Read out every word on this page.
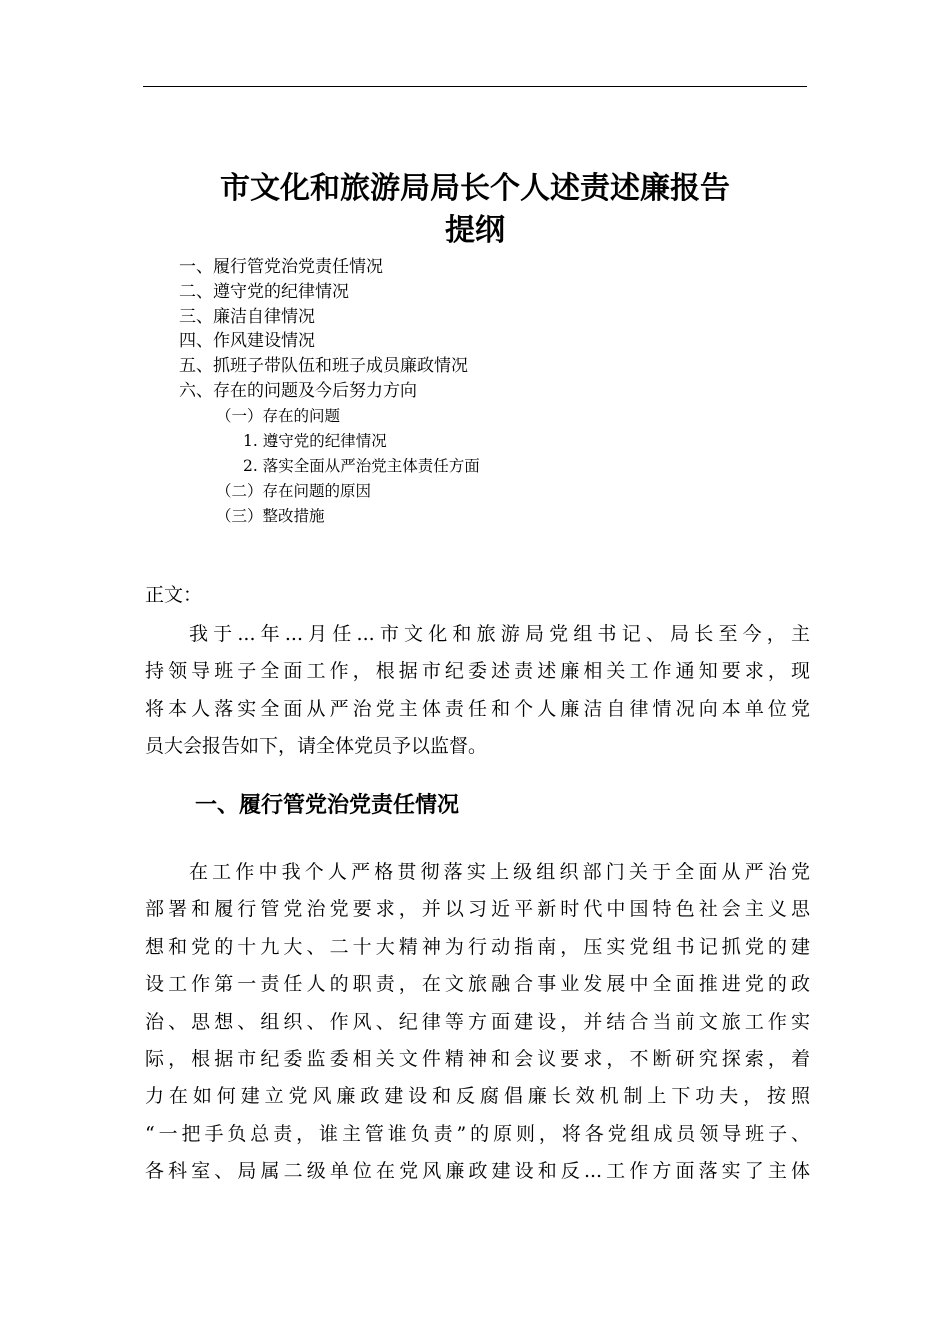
市文化和旅游局局长个人述责述廉报告
提纲
一、履行管党治党责任情况
二、遵守党的纪律情况
三、廉洁自律情况
四、作风建设情况
五、抓班子带队伍和班子成员廉政情况
六、存在的问题及今后努力方向
（一）存在的问题
1. 遵守党的纪律情况
2. 落实全面从严治党主体责任方面
（二）存在问题的原因
（三）整改措施
正文：
我于...年...月任...市文化和旅游局党组书记、局长至今，主
持领导班子全面工作，根据市纪委述责述廉相关工作通知要求，现
将本人落实全面从严治党主体责任和个人廉洁自律情况向本单位党
员大会报告如下，请全体党员予以监督。
一、履行管党治党责任情况
在工作中我个人严格贯彻落实上级组织部门关于全面从严治党
部署和履行管党治党要求，并以习近平新时代中国特色社会主义思
想和党的十九大、二十大精神为行动指南，压实党组书记抓党的建
设工作第一责任人的职责，在文旅融合事业发展中全面推进党的政
治、思想、组织、作风、纪律等方面建设，并结合当前文旅工作实
际，根据市纪委监委相关文件精神和会议要求，不断研究探索，着
力在如何建立党风廉政建设和反腐倡廉长效机制上下功夫，按照
“一把手负总责，谁主管谁负责”的原则，将各党组成员领导班子、
各科室、局属二级单位在党风廉政建设和反...工作方面落实了主体
